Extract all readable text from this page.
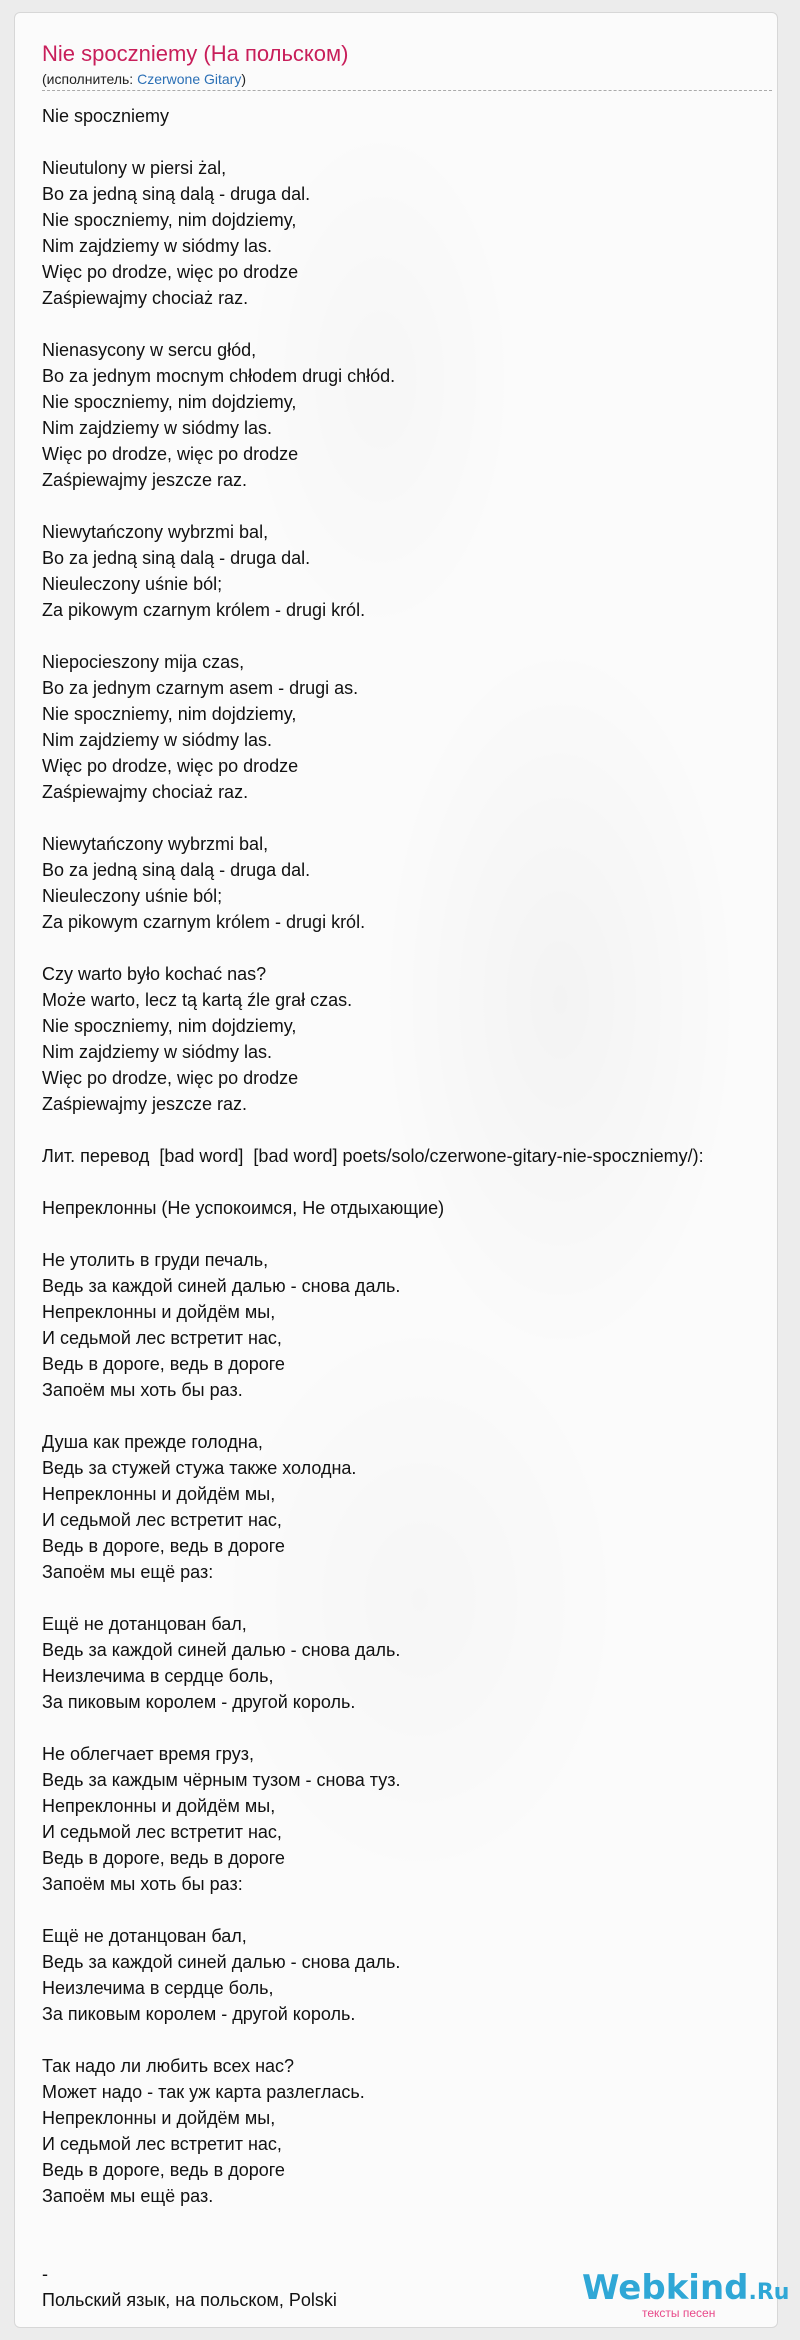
Nie spoczniemy (На польском)
(исполнитель: Czerwone Gitary)
Nie spoczniemy

Nieutulony w piersi żal,
Bo za jedną siną dalą - druga dal.
Nie spoczniemy, nim dojdziemy,
Nim zajdziemy w siódmy las.
Więc po drodze, więc po drodze
Zaśpiewajmy chociaż raz.

Nienasycony w sercu głód,
Bo za jednym mocnym chłodem drugi chłód.
Nie spoczniemy, nim dojdziemy,
Nim zajdziemy w siódmy las.
Więc po drodze, więc po drodze
Zaśpiewajmy jeszcze raz.

Niewytańczony wybrzmi bal,
Bo za jedną siną dalą - druga dal.
Nieuleczony uśnie ból;
Za pikowym czarnym królem - drugi król.

Niepocieszony mija czas,
Bo za jednym czarnym asem - drugi as.
Nie spoczniemy, nim dojdziemy,
Nim zajdziemy w siódmy las.
Więc po drodze, więc po drodze
Zaśpiewajmy chociaż raz.

Niewytańczony wybrzmi bal,
Bo za jedną siną dalą - druga dal.
Nieuleczony uśnie ból;
Za pikowym czarnym królem - drugi król.

Czy warto było kochać nas?
Może warto, lecz tą kartą źle grał czas.
Nie spoczniemy, nim dojdziemy,
Nim zajdziemy w siódmy las.
Więc po drodze, więc po drodze
Zaśpiewajmy jeszcze raz.

Лит. перевод  [bad word]  [bad word] poets/solo/czerwone-gitary-nie-spoczniemy/):

Непреклонны (Не успокоимся, Не отдыхающие)

Не утолить в груди печаль,
Ведь за каждой синей далью - снова даль.
Непреклонны и дойдём мы,
И седьмой лес встретит нас,
Ведь в дороге, ведь в дороге
Запоём мы хоть бы раз.

Душа как прежде голодна,
Ведь за стужей стужа также холодна.
Непреклонны и дойдём мы,
И седьмой лес встретит нас,
Ведь в дороге, ведь в дороге
Запоём мы ещё раз:

Ещё не дотанцован бал,
Ведь за каждой синей далью - снова даль.
Неизлечима в сердце боль,
За пиковым королем - другой король.

Не облегчает время груз,
Ведь за каждым чёрным тузом - снова туз.
Непреклонны и дойдём мы,
И седьмой лес встретит нас,
Ведь в дороге, ведь в дороге
Запоём мы хоть бы раз:

Ещё не дотанцован бал,
Ведь за каждой синей далью - снова даль.
Неизлечима в сердце боль,
За пиковым королем - другой король.

Так надо ли любить всех нас?
Может надо - так уж карта разлеглась.
Непреклонны и дойдём мы,
И седьмой лес встретит нас,
Ведь в дороге, ведь в дороге
Запоём мы ещё раз.

-
Польский язык, на польском, Polski	Webkind.Ru
тексты песен
